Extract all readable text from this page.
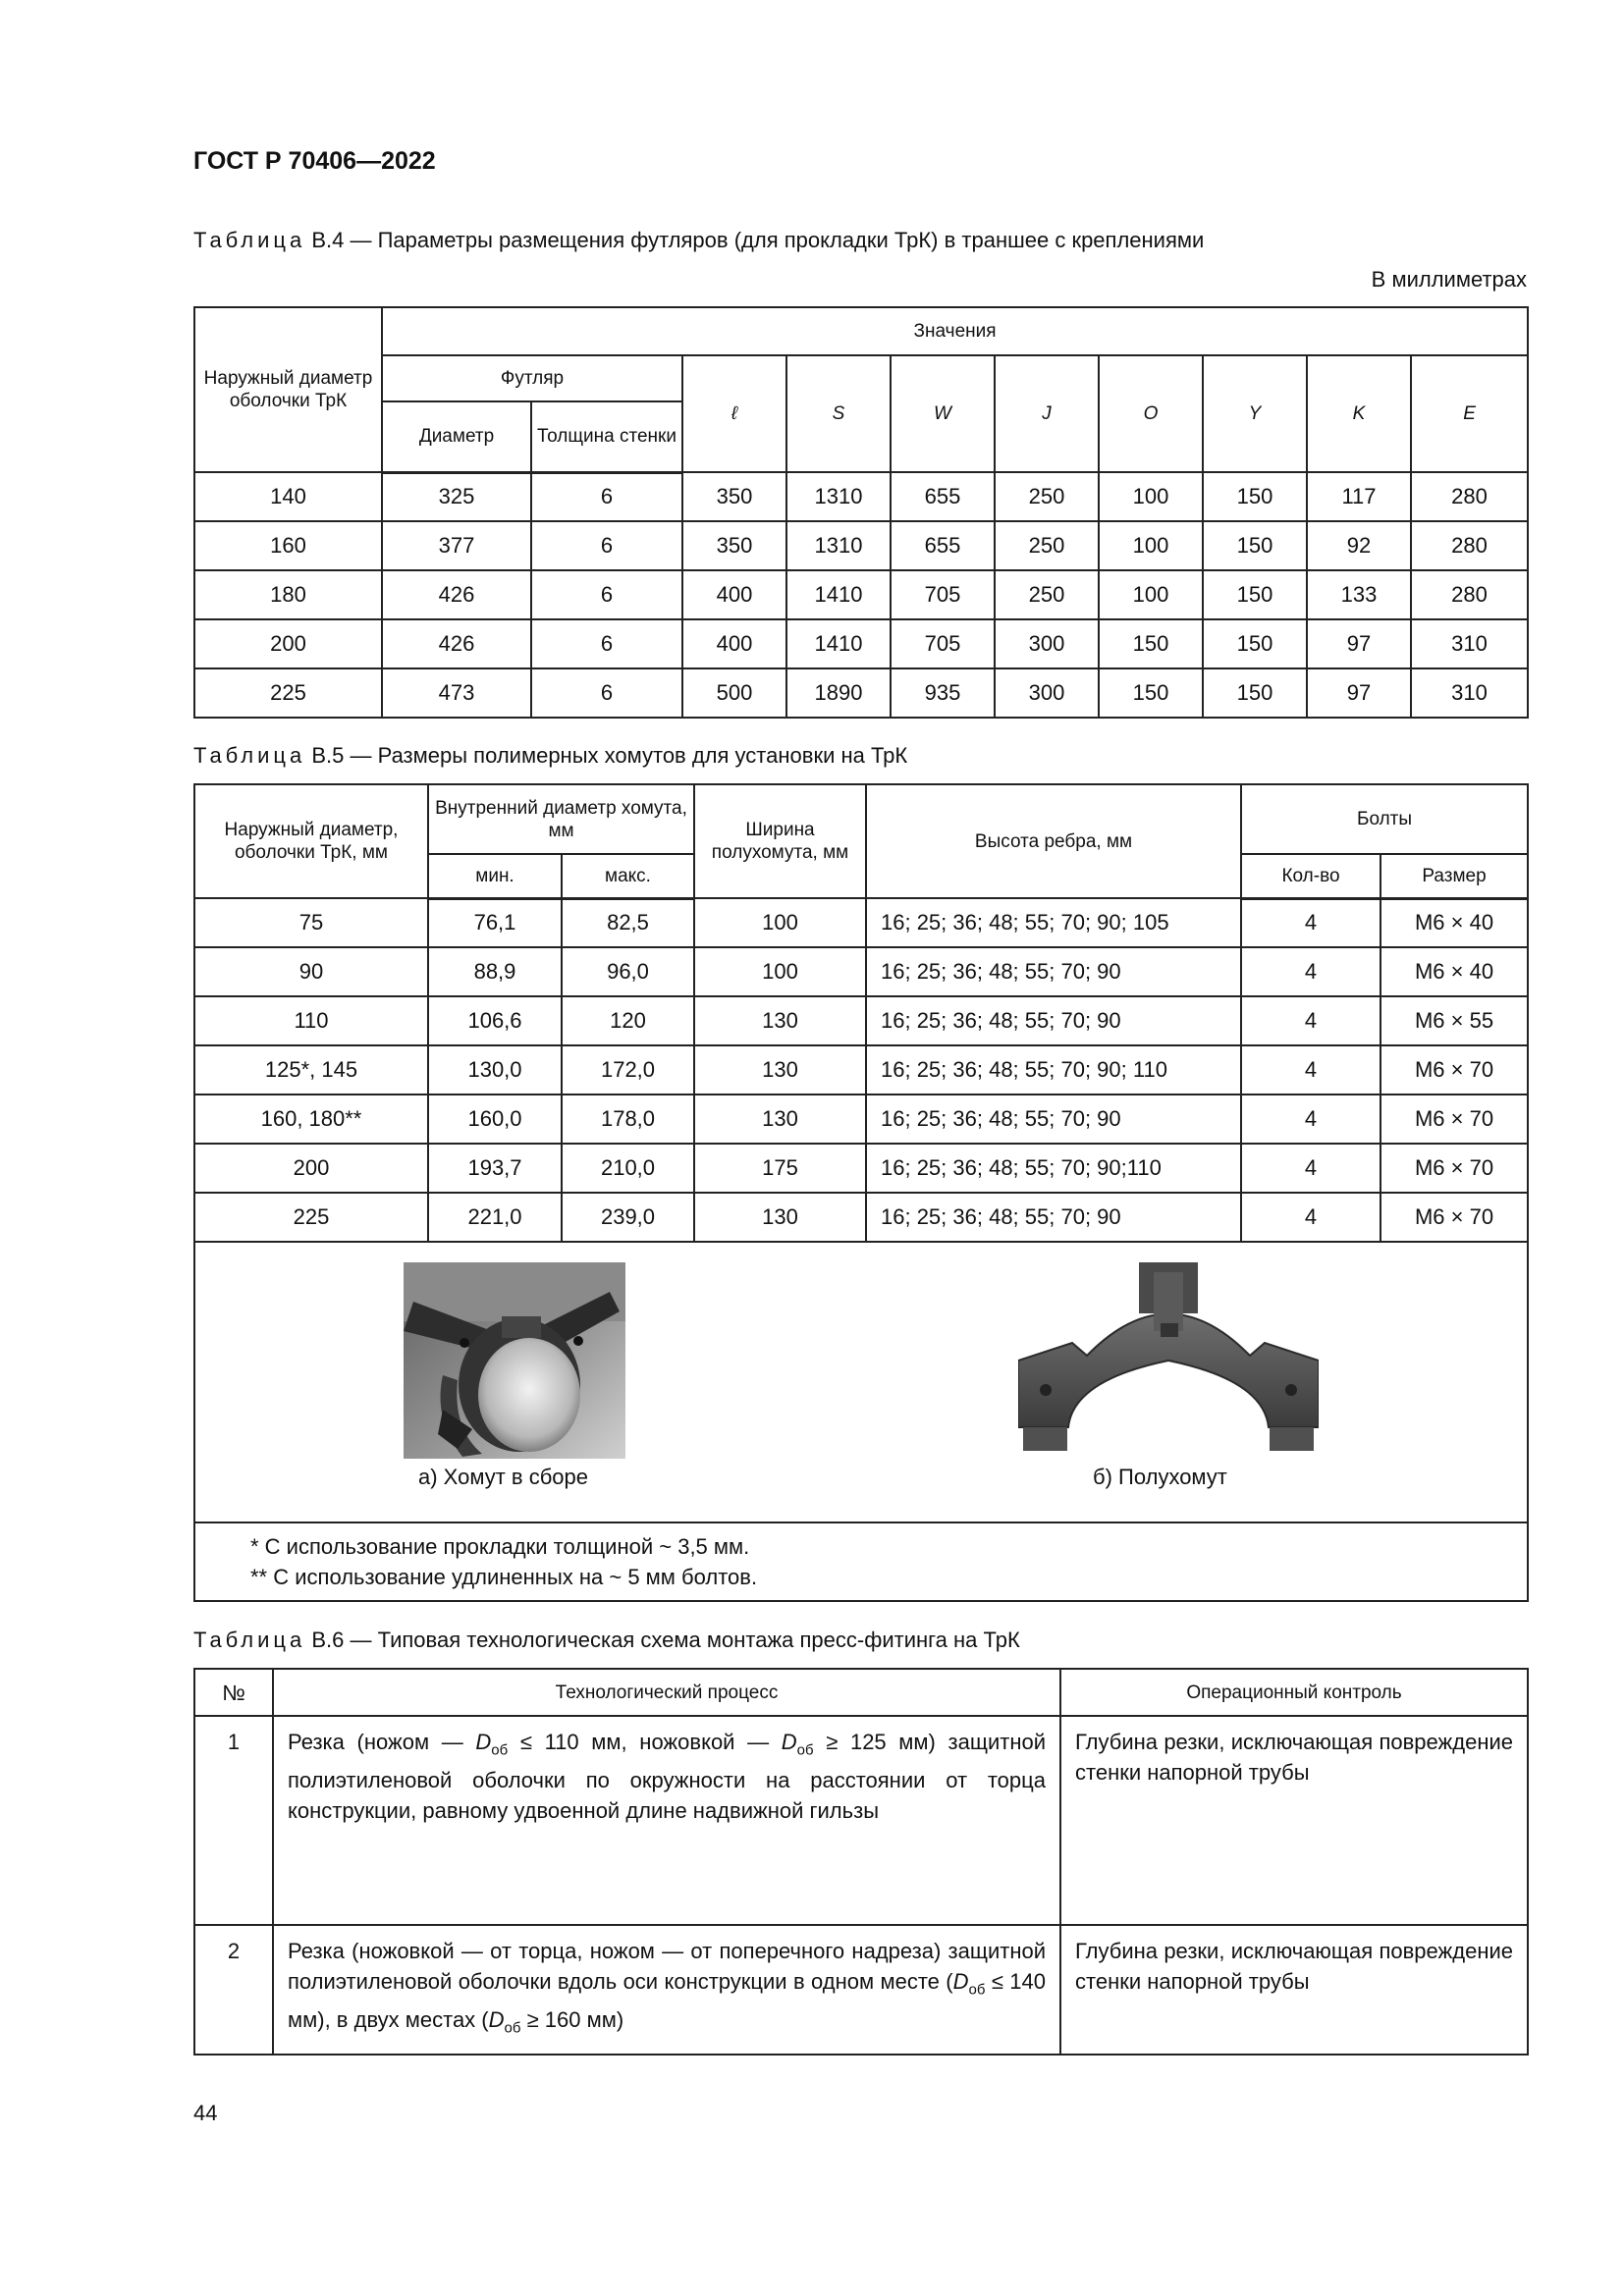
ГОСТ Р 70406—2022
Таблица В.4 — Параметры размещения футляров (для прокладки ТрК) в траншее с креплениями
В миллиметрах
Наружный диаметр оболочки ТрК	Значения									
	Футляр		ℓ	S	W	J	O	Y	K	E
	Диаметр	Толщина стенки								
140	325	6	350	1310	655	250	100	150	117	280
160	377	6	350	1310	655	250	100	150	92	280
180	426	6	400	1410	705	250	100	150	133	280
200	426	6	400	1410	705	300	150	150	97	310
225	473	6	500	1890	935	300	150	150	97	310
Таблица В.5 — Размеры полимерных хомутов для установки на ТрК
Наружный диаметр, оболочки ТрК, мм	Внутренний диаметр хомута, мм		Ширина полухомута, мм	Высота ребра, мм	Болты	
	мин.	макс.			Кол-во	Размер
75	76,1	82,5	100	16; 25; 36; 48; 55; 70; 90; 105	4	М6 × 40
90	88,9	96,0	100	16; 25; 36; 48; 55; 70; 90	4	М6 × 40
110	106,6	120	130	16; 25; 36; 48; 55; 70; 90	4	М6 × 55
125*, 145	130,0	172,0	130	16; 25; 36; 48; 55; 70; 90; 110	4	М6 × 70
160, 180**	160,0	178,0	130	16; 25; 36; 48; 55; 70; 90	4	М6 × 70
200	193,7	210,0	175	16; 25; 36; 48; 55; 70; 90;110	4	М6 × 70
225	221,0	239,0	130	16; 25; 36; 48; 55; 70; 90	4	М6 × 70

а) Хомут в сборе б) Полухомут						

* С использование прокладки толщиной ~ 3,5 мм.
** С использование удлиненных на ~ 5 мм болтов.						
Таблица В.6 — Типовая технологическая схема монтажа пресс-фитинга на ТрК
№	Технологический процесс	Операционный контроль
1	Резка (ножом — $D_{об} \le 110$ мм, ножовкой — $D_{об} \ge 125$ мм) защитной полиэтиленовой оболочки по окружности на расстоянии от торца конструкции, равному удвоенной длине надвижной гильзы	Глубина резки, исключающая повреждение стенки напорной трубы
2	Резка (ножовкой — от торца, ножом — от поперечного надреза) защитной полиэтиленовой оболочки вдоль оси конструкции в одном месте ($D_{об} \le 140$ мм), в двух местах ($D_{об} \ge 160$ мм)	Глубина резки, исключающая повреждение стенки напорной трубы
44
